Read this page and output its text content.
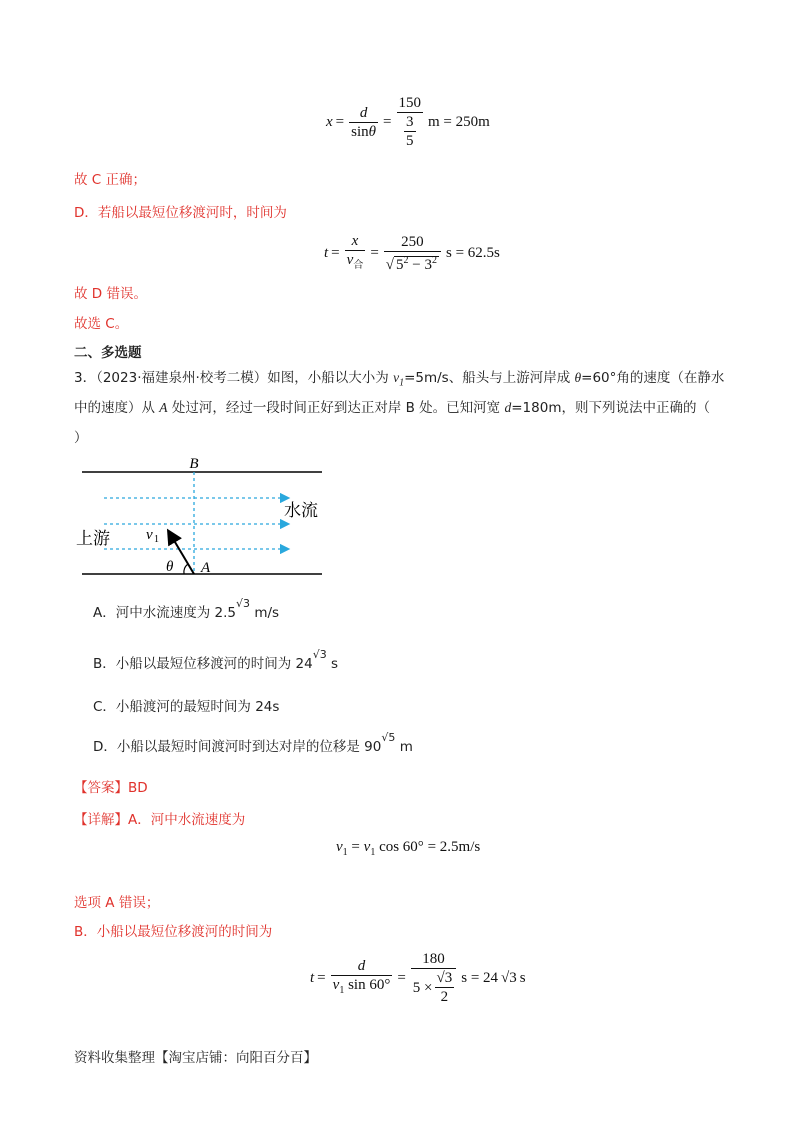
$x = \frac{d}{\sin\theta} = \frac{150}{\frac{3}{5}}$ m = 250m
故 C 正确；
D．若船以最短位移渡河时，时间为
$t = \frac{x}{v_合} = \frac{250}{√ 5^2 - 3^2}$ s = 62.5s
故 D 错误。
故选 C。
二、多选题
3．（2023·福建泉州·校考二模）如图，小船以大小为 $v_1=5m/s$、船头与上游河岸成 θ=60°角的速度（在静水
中的速度）从 A 处过河，经过一段时间正好到达正对岸 B 处。已知河宽 d=180m，则下列说法中正确的（
）
B
A
水流
上游 v 1
θ
A．河中水流速度为 $2.5^{√3}$ m/s
B．小船以最短位移渡河的时间为 $24^{√3}$ s
C．小船渡河的最短时间为 24s
D．小船以最短时间渡河时到达对岸的位移是 $90^{√5}$ m
【答案】BD
【详解】A．河中水流速度为
$v_1 = v_1$ cos 60° = 2.5m/s
选项 A 错误；
B．小船以最短位移渡河的时间为
$t = \frac{d}{v_1 \sin 60^\circ} = \frac{180}{5 \times \frac{√3}{2}}$ s = 24 √3 s
资料收集整理【淘宝店铺：向阳百分百】
